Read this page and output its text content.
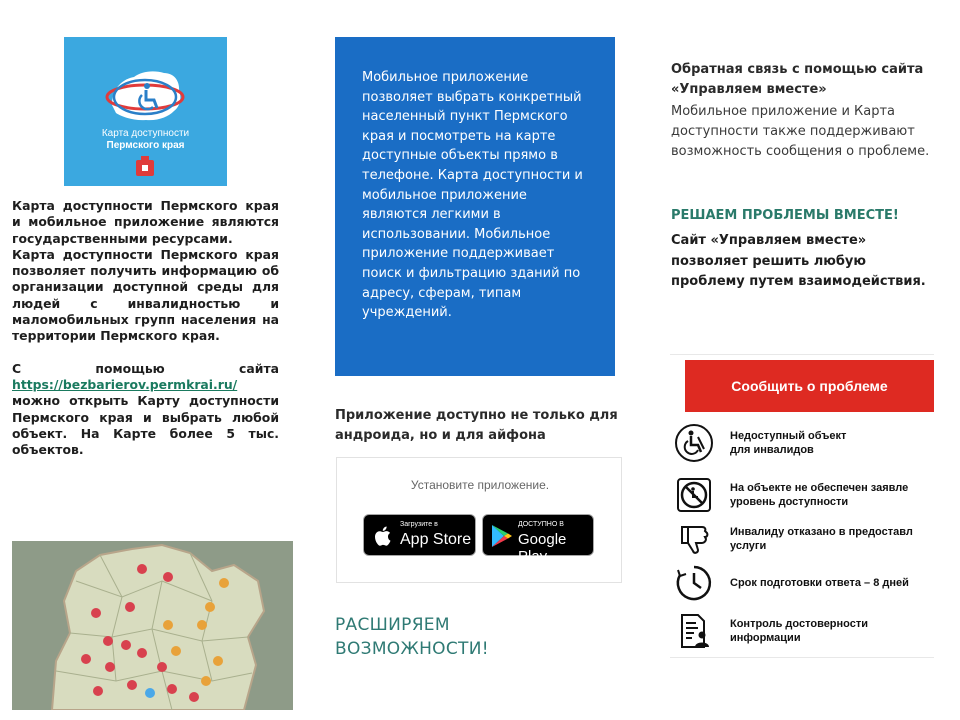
Карта доступности
Пермского края

Карта доступности Пермского края и мобильное приложение являются государственными ресурсами.

Карта доступности Пермского края позволяет получить информацию об организации доступной среды для людей с инвалидностью и маломобильных групп населения на территории Пермского края.

С помощью сайта https://bezbarierov.permkrai.ru/ можно открыть Карту доступности Пермского края и выбрать любой объект. На Карте более 5 тыс. объектов.

Мобильное приложение позволяет выбрать конкретный населенный пункт Пермского края и посмотреть на карте доступные объекты прямо в телефоне. Карта доступности и мобильное приложение являются легкими в использовании. Мобильное приложение поддерживает поиск и фильтрацию зданий по адресу, сферам, типам учреждений.
Приложение доступно не только для андроида, но и для айфона
Установите приложение.
Загрузите в
App Store
ДОСТУПНО В
Google Play
РАСШИРЯЕМ
ВОЗМОЖНОСТИ!
Обратная связь с помощью сайта «Управляем вместе»
Мобильное приложение и Карта доступности также поддерживают возможность сообщения о проблеме.
РЕШАЕМ ПРОБЛЕМЫ ВМЕСТЕ!
Сайт «Управляем вместе» позволяет решить любую проблему путем взаимодействия.
Сообщить о проблеме
Недоступный объект
для инвалидов
На объекте не обеспечен заявле
уровень доступности
Инвалиду отказано в предоставл
услуги
Срок подготовки ответа – 8 дней
Контроль достоверности
информации
